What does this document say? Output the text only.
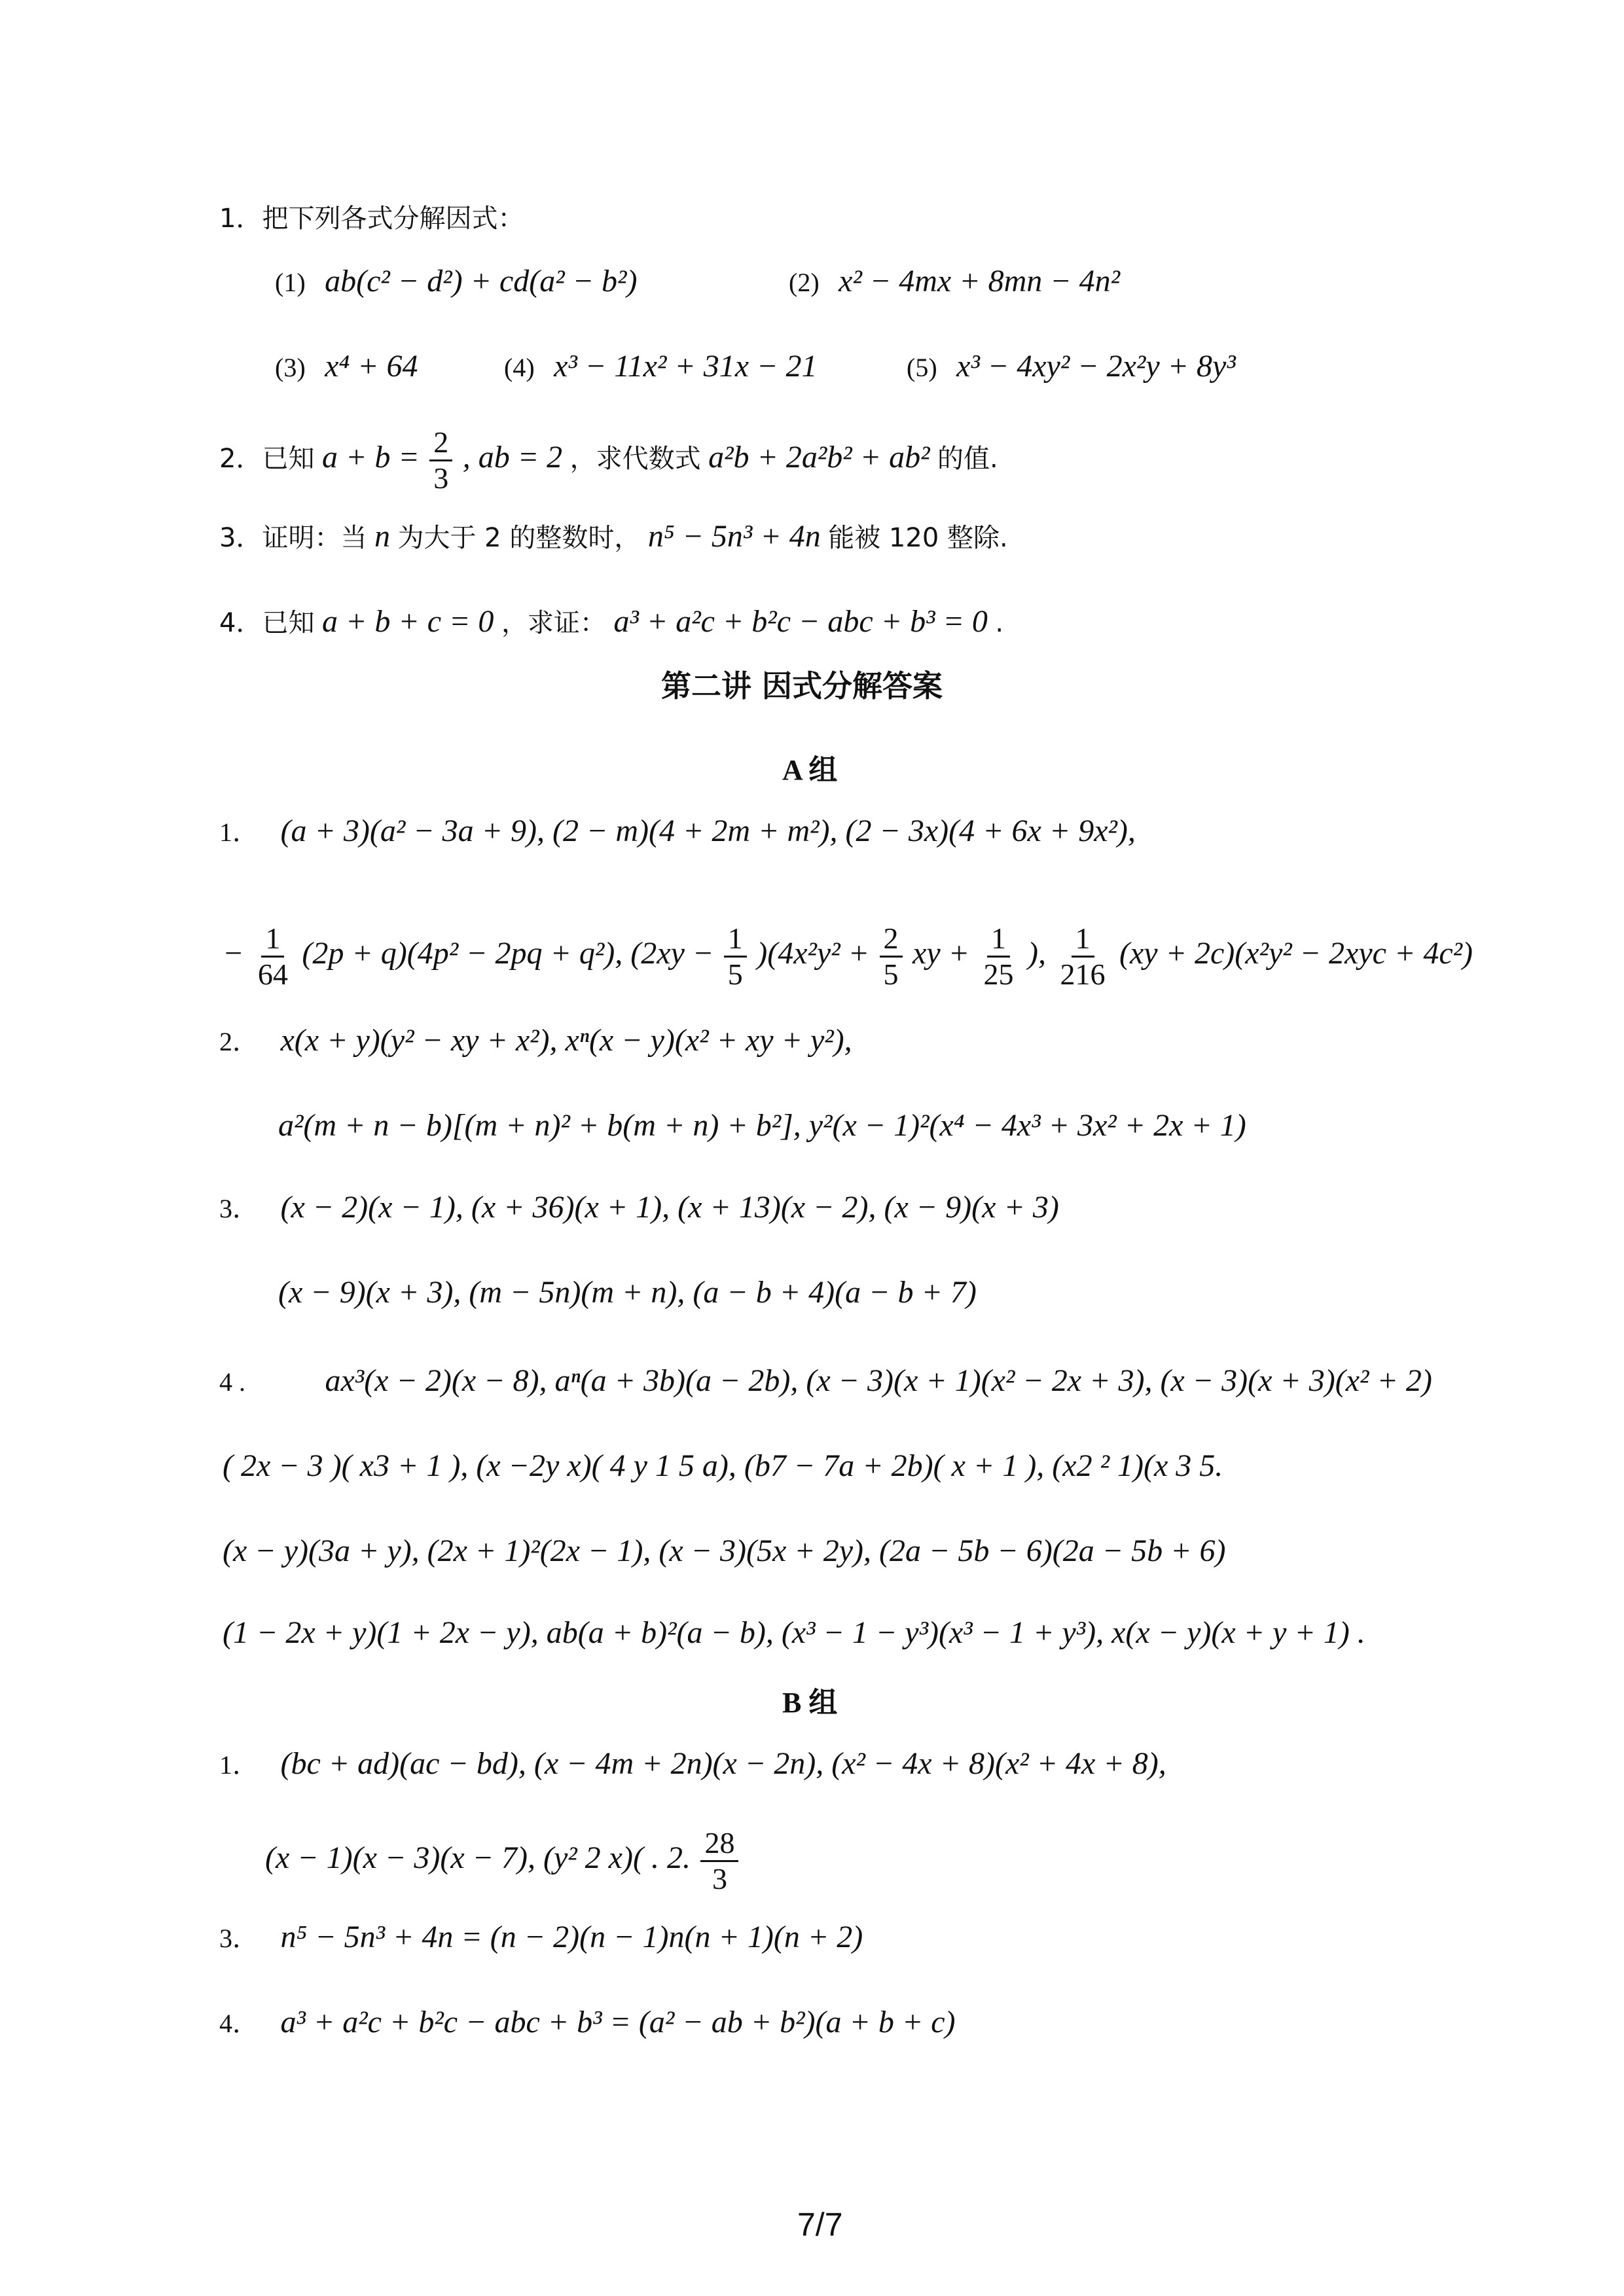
1．把下列各式分解因式：
(1) ab(c² − d²) + cd(a² − b²)	(2) x² − 4mx + 8mn − 4n²
(3) x⁴ + 64	(4) x³ − 11x² + 31x − 21	(5) x³ − 4xy² − 2x²y + 8y³
2．已知 $a + b = \frac{2}{3}$ , ab = 2 ，求代数式 a²b + 2a²b² + ab² 的值.
3．证明：当 n 为大于 2 的整数时， n⁵ − 5n³ + 4n 能被 120 整除.
4．已知 a + b + c = 0 ，求证： a³ + a²c + b²c − abc + b³ = 0 .
第二讲 因式分解答案
A 组
1． (a + 3)(a² − 3a + 9), (2 − m)(4 + 2m + m²), (2 − 3x)(4 + 6x + 9x²),
− $\frac{1}{64} (2p + q)(4p^2 - 2pq + q^2)$, $(2xy - \frac{1}{5} )(4x^2y^2 + \frac{2}{5}$ xy + $\frac{1}{25}$ ), $\frac{1}{216} (xy + 2c)(x^2y^2 - 2xyc + 4c^2)$
2． x(x + y)(y² − xy + x²), xⁿ(x − y)(x² + xy + y²),
a²(m + n − b)[(m + n)² + b(m + n) + b²], y²(x − 1)²(x⁴ − 4x³ + 3x² + 2x + 1)
3． (x − 2)(x − 1), (x + 36)(x + 1), (x + 13)(x − 2), (x − 9)(x + 3)
(x − 9)(x + 3), (m − 5n)(m + n), (a − b + 4)(a − b + 7)
4 .	ax³(x − 2)(x − 8), aⁿ(a + 3b)(a − 2b), (x − 3)(x + 1)(x² − 2x + 3), (x − 3)(x + 3)(x² + 2)
( 2x − 3 )( x3 + 1 ), (x −2y x)( 4 y 1 5 a), (b7 − 7a + 2b)( x + 1 ), (x2 ² 1)(x 3 5.
(x − y)(3a + y), (2x + 1)²(2x − 1), (x − 3)(5x + 2y), (2a − 5b − 6)(2a − 5b + 6)
(1 − 2x + y)(1 + 2x − y), ab(a + b)²(a − b), (x³ − 1 − y³)(x³ − 1 + y³), x(x − y)(x + y + 1) .
B 组
1． (bc + ad)(ac − bd), (x − 4m + 2n)(x − 2n), (x² − 4x + 8)(x² + 4x + 8),
(x − 1)(x − 3)(x − 7), (y² 2 x)( . 2. $\frac{28}{3}$
3． n⁵ − 5n³ + 4n = (n − 2)(n − 1)n(n + 1)(n + 2)
4． a³ + a²c + b²c − abc + b³ = (a² − ab + b²)(a + b + c)
7/7
